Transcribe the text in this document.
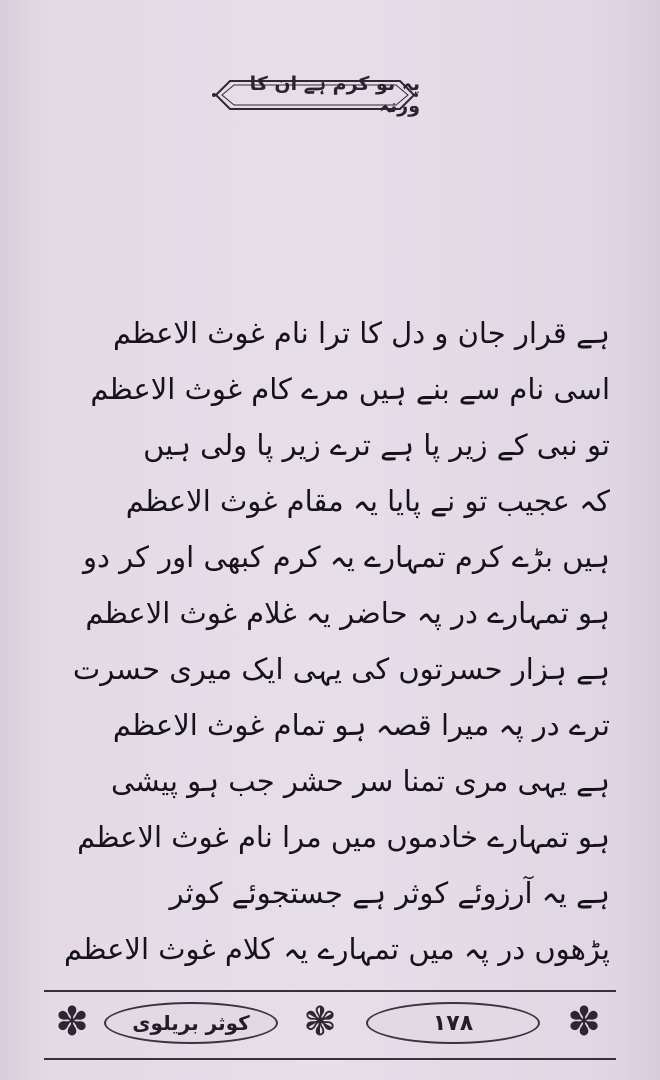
یہ تو کرم ہے ان کا ورنہ
ہے قرار جان و دل کا ترا نام غوث الاعظم
اسی نام سے بنے ہیں مرے کام غوث الاعظم
تو نبی کے زیر پا ہے ترے زیر پا ولی ہیں
کہ عجیب تو نے پایا یہ مقام غوث الاعظم
ہیں بڑے کرم تمہارے یہ کرم کبھی اور کر دو
ہو تمہارے در پہ حاضر یہ غلام غوث الاعظم
ہے ہزار حسرتوں کی یہی ایک میری حسرت
ترے در پہ میرا قصہ ہو تمام غوث الاعظم
ہے یہی مری تمنا سر حشر جب ہو پیشی
ہو تمہارے خادموں میں مرا نام غوث الاعظم
ہے یہ آرزوئے کوثر ہے جستجوئے کوثر
پڑھوں در پہ میں تمہارے یہ کلام غوث الاعظم
✽ کوثر بریلوی ❃	۱۷۸ ✽
